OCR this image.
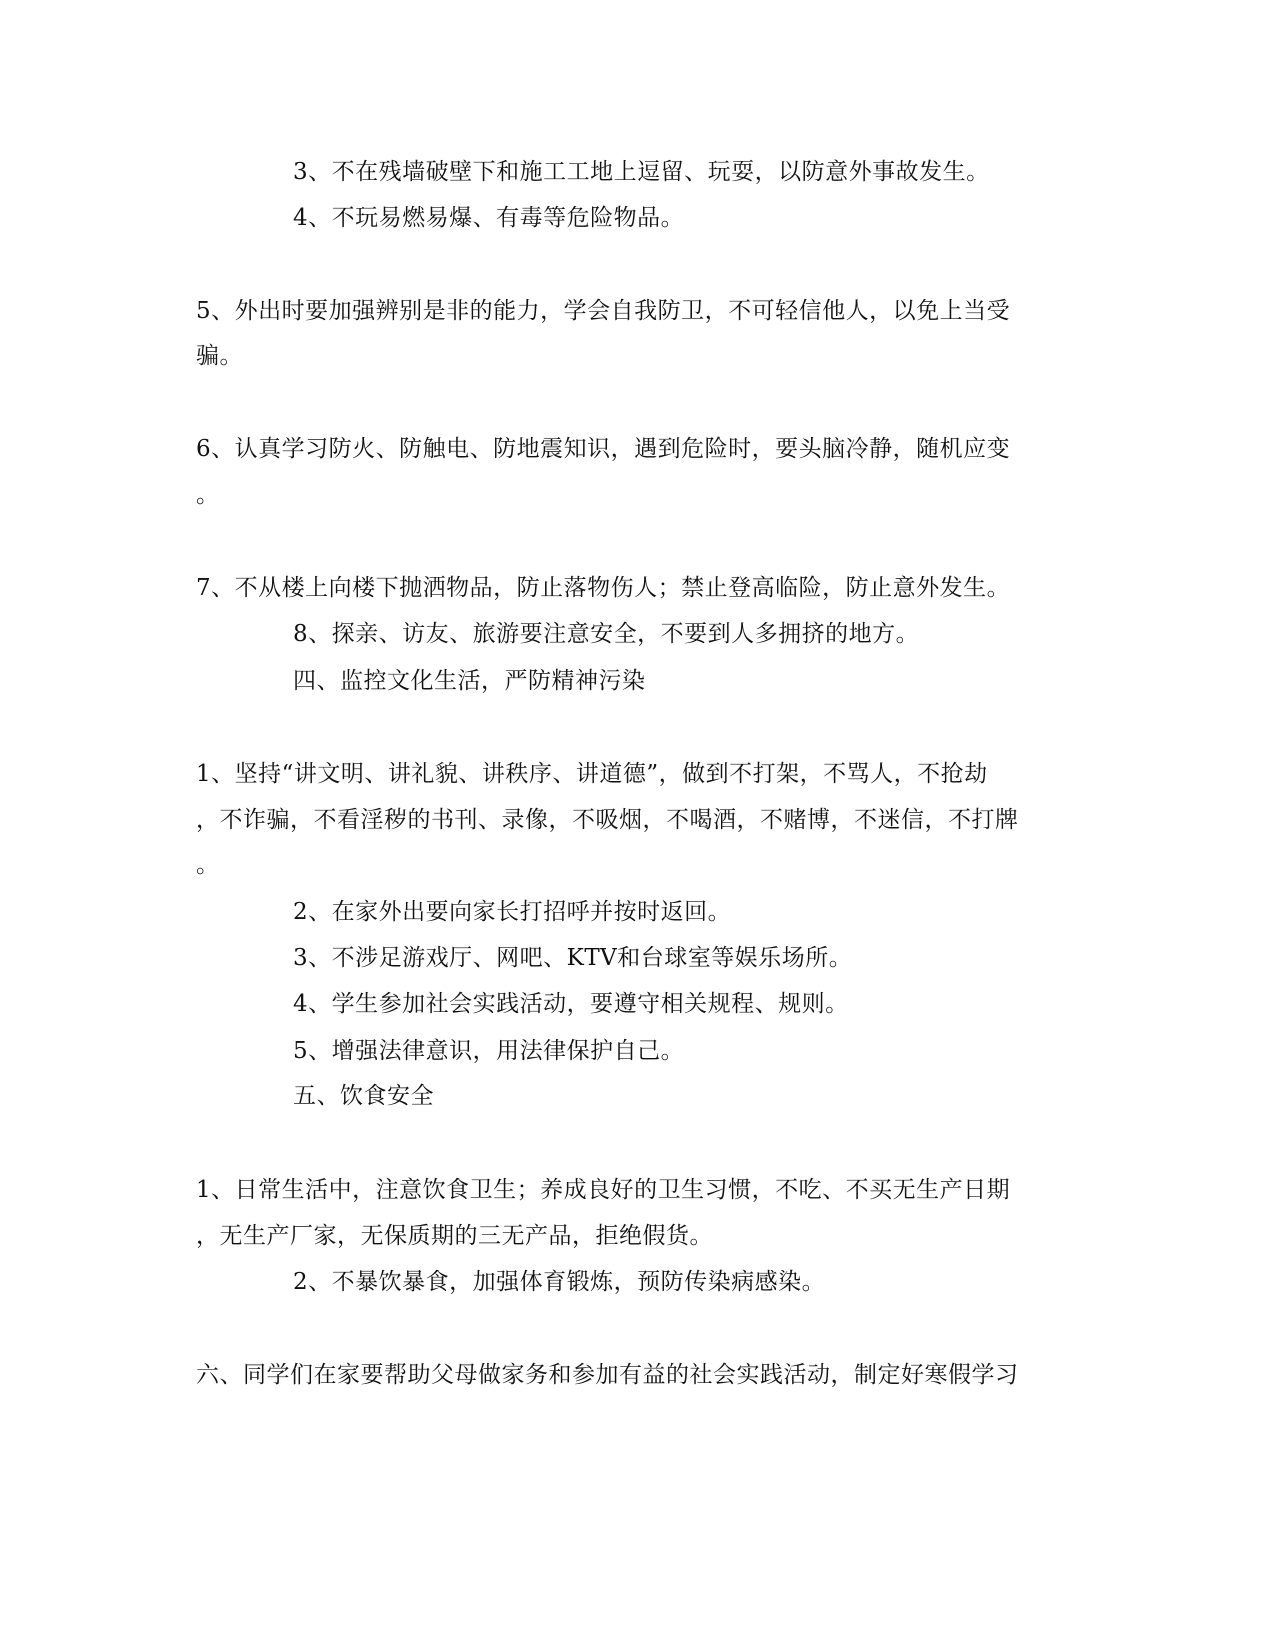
3、不在残墙破壁下和施工工地上逗留、玩耍，以防意外事故发生。
4、不玩易燃易爆、有毒等危险物品。
5、外出时要加强辨别是非的能力，学会自我防卫，不可轻信他人，以免上当受
骗。
6、认真学习防火、防触电、防地震知识，遇到危险时，要头脑冷静，随机应变
。
7、不从楼上向楼下抛洒物品，防止落物伤人；禁止登高临险，防止意外发生。
8、探亲、访友、旅游要注意安全，不要到人多拥挤的地方。
四、监控文化生活，严防精神污染
1、坚持“讲文明、讲礼貌、讲秩序、讲道德”，做到不打架，不骂人，不抢劫
，不诈骗，不看淫秽的书刊、录像，不吸烟，不喝酒，不赌博，不迷信，不打牌
。
2、在家外出要向家长打招呼并按时返回。
3、不涉足游戏厅、网吧、KTV和台球室等娱乐场所。
4、学生参加社会实践活动，要遵守相关规程、规则。
5、增强法律意识，用法律保护自己。
五、饮食安全
1、日常生活中，注意饮食卫生；养成良好的卫生习惯，不吃、不买无生产日期
，无生产厂家，无保质期的三无产品，拒绝假货。
2、不暴饮暴食，加强体育锻炼，预防传染病感染。
六、同学们在家要帮助父母做家务和参加有益的社会实践活动，制定好寒假学习
